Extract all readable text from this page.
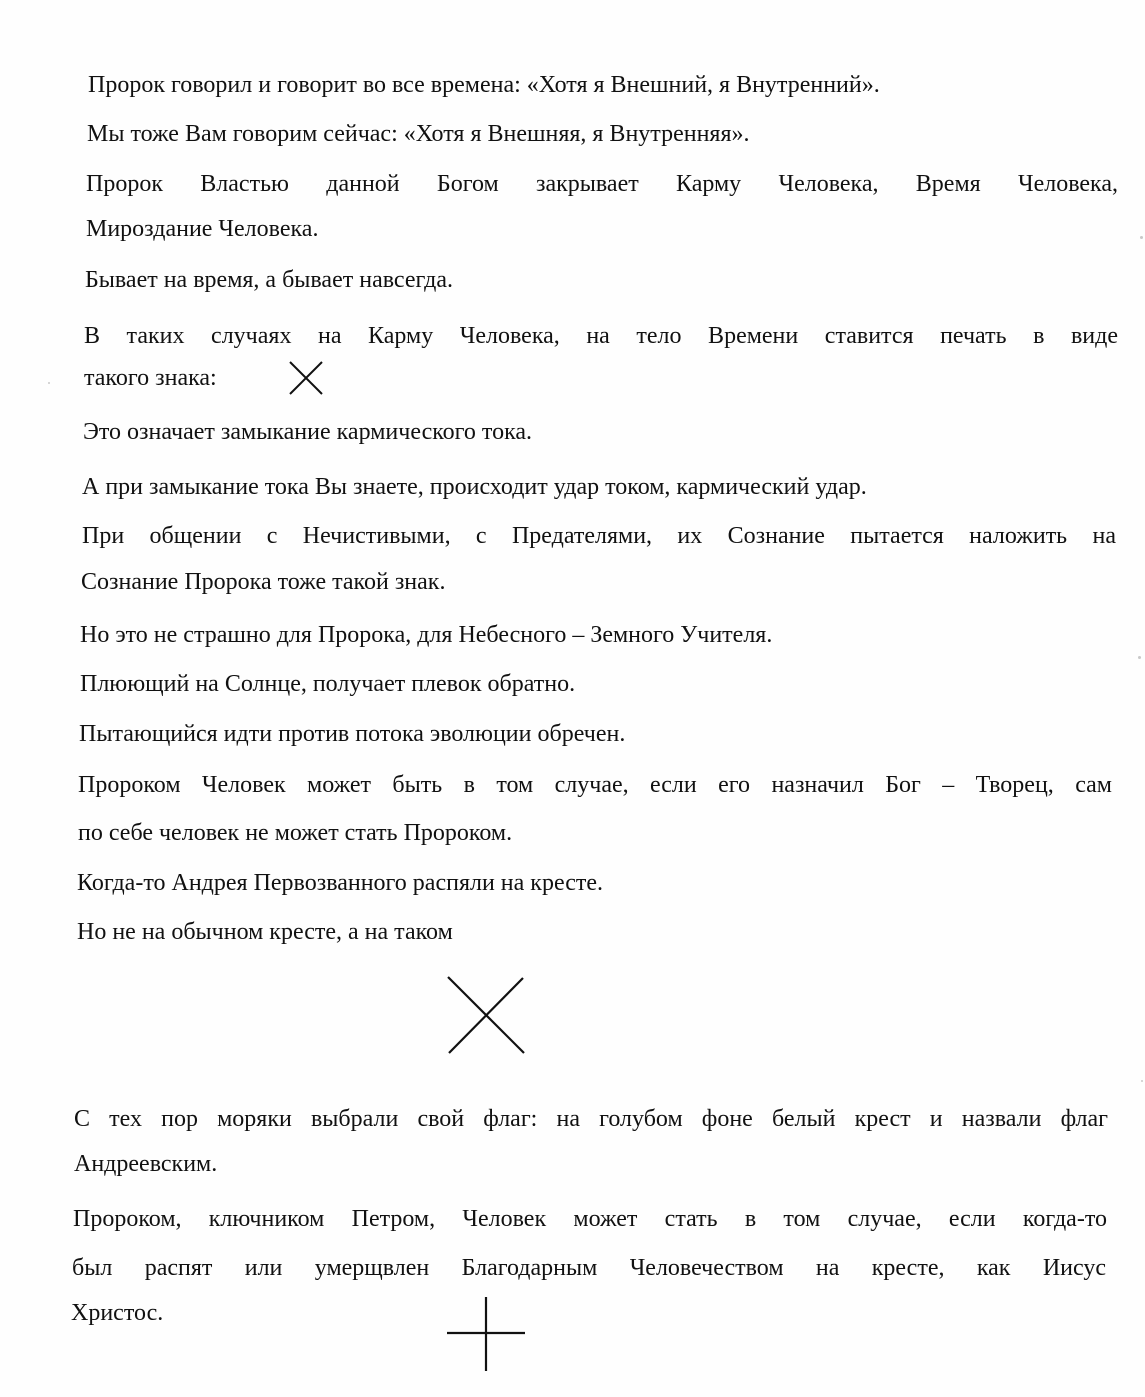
Пророк говорил и говорит во все времена: «Хотя я Внешний, я Внутренний».
Мы тоже Вам говорим сейчас: «Хотя я Внешняя, я Внутренняя».
Пророк Властью данной Богом закрывает Карму Человека, Время Человека,
Мироздание Человека.
Бывает на время, а бывает навсегда.
В таких случаях на Карму Человека, на тело Времени ставится печать в виде
такого знака:
Это означает замыкание кармического тока.
А при замыкание тока Вы знаете, происходит удар током, кармический удар.
При общении с Нечистивыми, с Предателями, их Сознание пытается наложить на
Сознание Пророка тоже такой знак.
Но это не страшно для Пророка, для Небесного – Земного Учителя.
Плюющий на Солнце, получает плевок обратно.
Пытающийся идти против потока эволюции обречен.
Пророком Человек может быть в том случае, если его назначил Бог – Творец, сам
по себе человек не может стать Пророком.
Когда-то Андрея Первозванного распяли на кресте.
Но не на обычном кресте, а на таком
С тех пор моряки выбрали свой флаг: на голубом фоне белый крест и назвали флаг
Андреевским.
Пророком, ключником Петром, Человек может стать в том случае, если когда-то
был распят или умерщвлен Благодарным Человечеством на кресте, как Иисус
Христос.
